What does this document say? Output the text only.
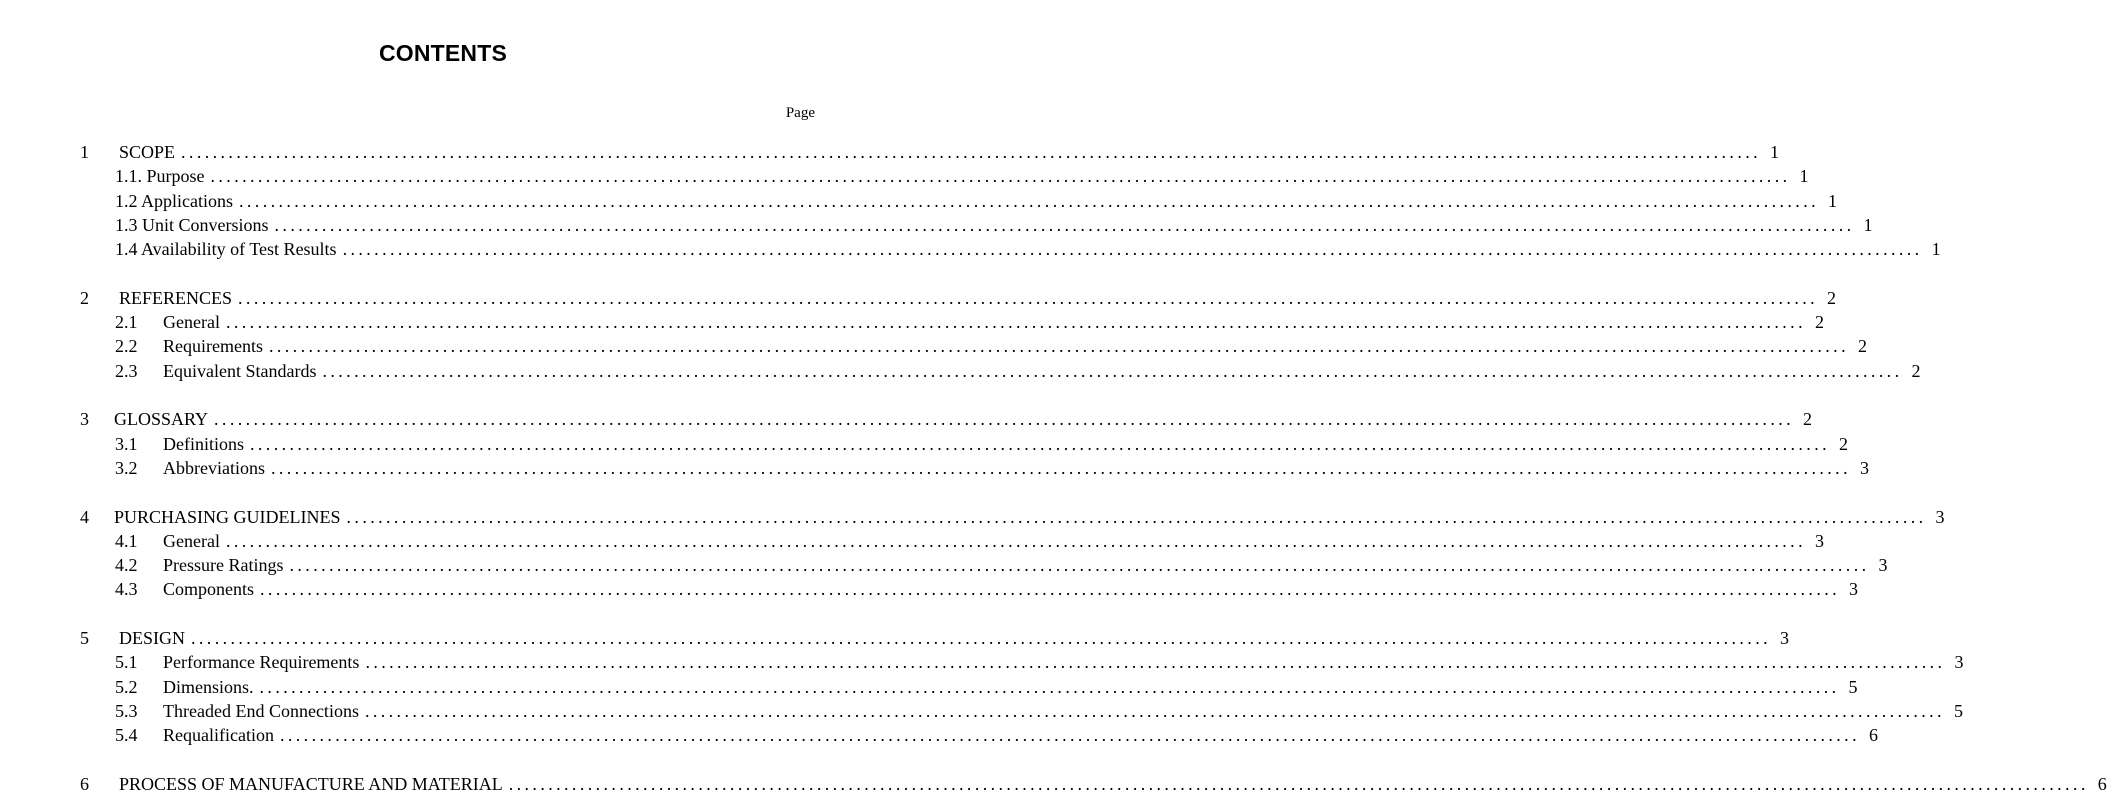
CONTENTS
Page
1	SCOPE ........................................................................................................................................................................................................ 1
1.1. Purpose ........................................................................................................................................................................................................ 1
1.2 Applications ........................................................................................................................................................................................................ 1
1.3 Unit Conversions ........................................................................................................................................................................................................ 1
1.4 Availability of Test Results ........................................................................................................................................................................................................ 1
2	REFERENCES ........................................................................................................................................................................................................ 2
2.1	General ........................................................................................................................................................................................................ 2
2.2	Requirements ........................................................................................................................................................................................................ 2
2.3	Equivalent Standards ........................................................................................................................................................................................................ 2
3	GLOSSARY ........................................................................................................................................................................................................ 2
3.1	Definitions ........................................................................................................................................................................................................ 2
3.2	Abbreviations ........................................................................................................................................................................................................ 3
4	PURCHASING GUIDELINES ........................................................................................................................................................................................................ 3
4.1	General ........................................................................................................................................................................................................ 3
4.2	Pressure Ratings ........................................................................................................................................................................................................ 3
4.3	Components ........................................................................................................................................................................................................ 3
5	DESIGN ........................................................................................................................................................................................................ 3
5.1	Performance Requirements ........................................................................................................................................................................................................ 3
5.2	Dimensions. ........................................................................................................................................................................................................ 5
5.3	Threaded End Connections ........................................................................................................................................................................................................ 5
5.4	Requalification ........................................................................................................................................................................................................ 6
6	PROCESS OF MANUFACTURE AND MATERIAL ........................................................................................................................................................................................................ 6
